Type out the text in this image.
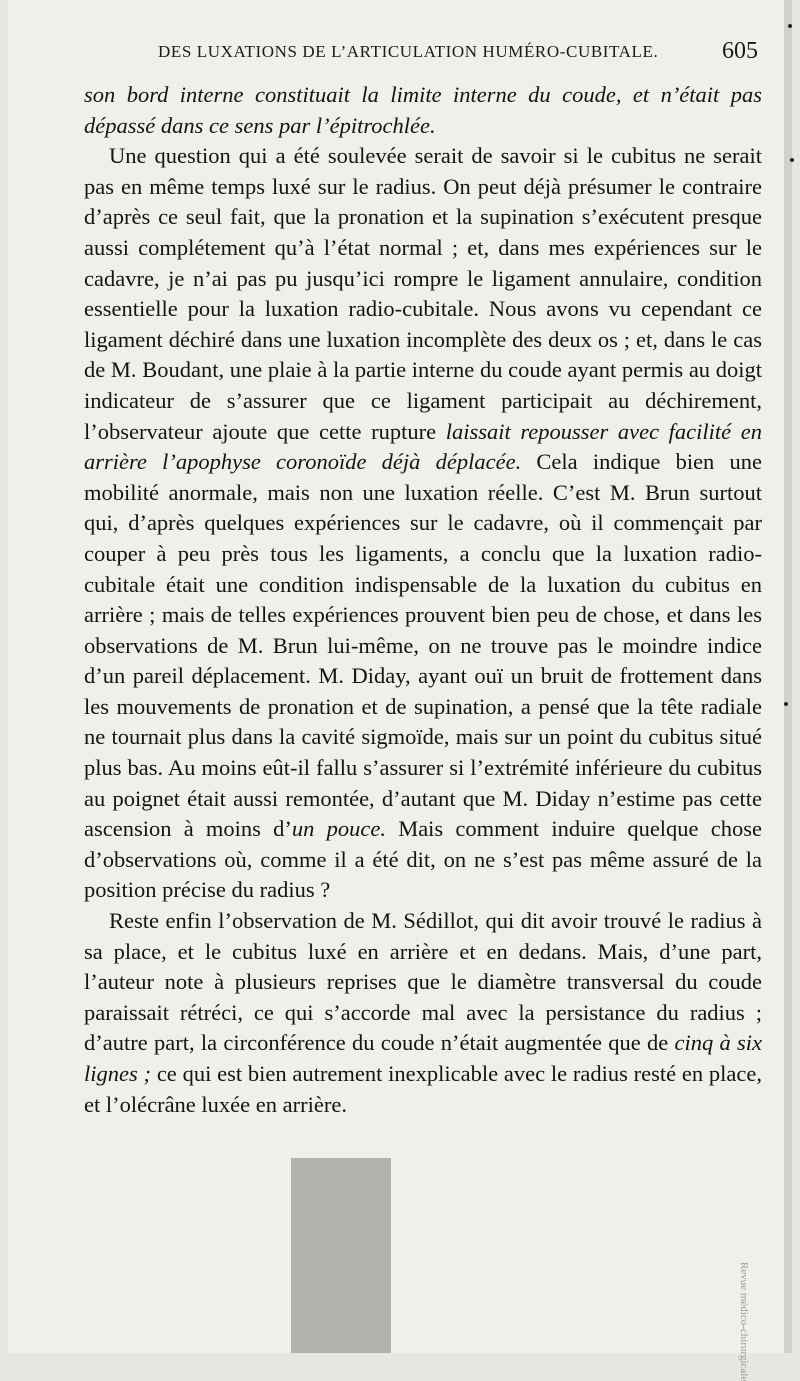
DES LUXATIONS DE L’ARTICULATION HUMÉRO-CUBITALE.	605

son bord interne constituait la limite interne du coude, et n’était pas dépassé dans ce sens par l’épitrochlée.

Une question qui a été soulevée serait de savoir si le cubitus ne serait pas en même temps luxé sur le radius. On peut déjà présumer le contraire d’après ce seul fait, que la pronation et la supination s’exécutent presque aussi complétement qu’à l’état normal ; et, dans mes expériences sur le cadavre, je n’ai pas pu jusqu’ici rompre le ligament annulaire, condition essentielle pour la luxation radio-cubitale. Nous avons vu cependant ce ligament déchiré dans une luxation incomplète des deux os ; et, dans le cas de M. Boudant, une plaie à la partie interne du coude ayant permis au doigt indicateur de s’assurer que ce ligament participait au déchirement, l’observateur ajoute que cette rupture laissait repousser avec facilité en arrière l’apophyse coronoïde déjà déplacée. Cela indique bien une mobilité anormale, mais non une luxation réelle. C’est M. Brun surtout qui, d’après quelques expériences sur le cadavre, où il commençait par couper à peu près tous les ligaments, a conclu que la luxation radio-cubitale était une condition indispensable de la luxation du cubitus en arrière ; mais de telles expériences prouvent bien peu de chose, et dans les observations de M. Brun lui-même, on ne trouve pas le moindre indice d’un pareil déplacement. M. Diday, ayant ouï un bruit de frottement dans les mouvements de pronation et de supination, a pensé que la tête radiale ne tournait plus dans la cavité sigmoïde, mais sur un point du cubitus situé plus bas. Au moins eût-il fallu s’assurer si l’extrémité inférieure du cubitus au poignet était aussi remontée, d’autant que M. Diday n’estime pas cette ascension à moins d’un pouce. Mais comment induire quelque chose d’observations où, comme il a été dit, on ne s’est pas même assuré de la position précise du radius ?

Reste enfin l’observation de M. Sédillot, qui dit avoir trouvé le radius à sa place, et le cubitus luxé en arrière et en dedans. Mais, d’une part, l’auteur note à plusieurs reprises que le diamètre transversal du coude paraissait rétréci, ce qui s’accorde mal avec la persistance du radius ; d’autre part, la circonférence du coude n’était augmentée que de cinq à six lignes ; ce qui est bien autrement inexplicable avec le radius resté en place, et l’olécrâne luxée en arrière.

Revue médico-chirurgicale
